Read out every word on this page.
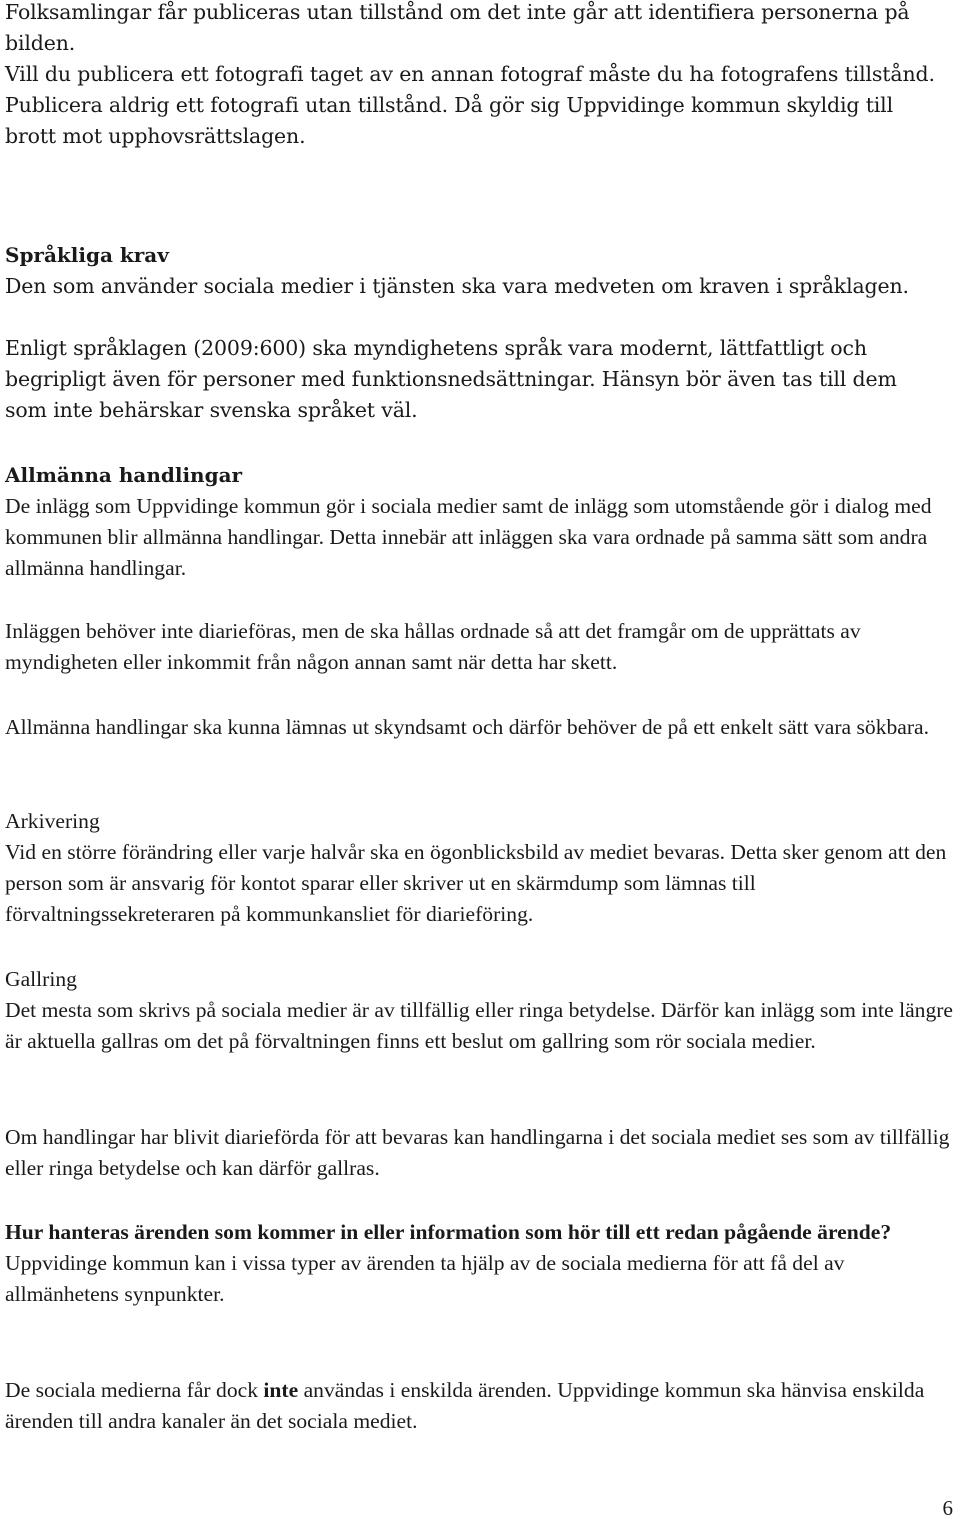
Folksamlingar får publiceras utan tillstånd om det inte går att identifiera personerna på bilden.

Vill du publicera ett fotografi taget av en annan fotograf måste du ha fotografens tillstånd. Publicera aldrig ett fotografi utan tillstånd. Då gör sig Uppvidinge kommun skyldig till brott mot upphovsrättslagen.

Språkliga krav

Den som använder sociala medier i tjänsten ska vara medveten om kraven i språklagen.

Enligt språklagen (2009:600) ska myndighetens språk vara modernt, lättfattligt och begripligt även för personer med funktionsnedsättningar. Hänsyn bör även tas till dem som inte behärskar svenska språket väl.

Allmänna handlingar

De inlägg som Uppvidinge kommun gör i sociala medier samt de inlägg som utomstående gör i dialog med kommunen blir allmänna handlingar. Detta innebär att inläggen ska vara ordnade på samma sätt som andra allmänna handlingar.

Inläggen behöver inte diarieföras, men de ska hållas ordnade så att det framgår om de upprättats av myndigheten eller inkommit från någon annan samt när detta har skett.

Allmänna handlingar ska kunna lämnas ut skyndsamt och därför behöver de på ett enkelt sätt vara sökbara.

Arkivering

Vid en större förändring eller varje halvår ska en ögonblicksbild av mediet bevaras. Detta sker genom att den person som är ansvarig för kontot sparar eller skriver ut en skärmdump som lämnas till förvaltningssekreteraren på kommunkansliet för diarieföring.

Gallring

Det mesta som skrivs på sociala medier är av tillfällig eller ringa betydelse. Därför kan inlägg som inte längre är aktuella gallras om det på förvaltningen finns ett beslut om gallring som rör sociala medier.

Om handlingar har blivit diarieförda för att bevaras kan handlingarna i det sociala mediet ses som av tillfällig eller ringa betydelse och kan därför gallras.

Hur hanteras ärenden som kommer in eller information som hör till ett redan pågående ärende?

Uppvidinge kommun kan i vissa typer av ärenden ta hjälp av de sociala medierna för att få del av allmänhetens synpunkter.

De sociala medierna får dock inte användas i enskilda ärenden. Uppvidinge kommun ska hänvisa enskilda ärenden till andra kanaler än det sociala mediet.

6
